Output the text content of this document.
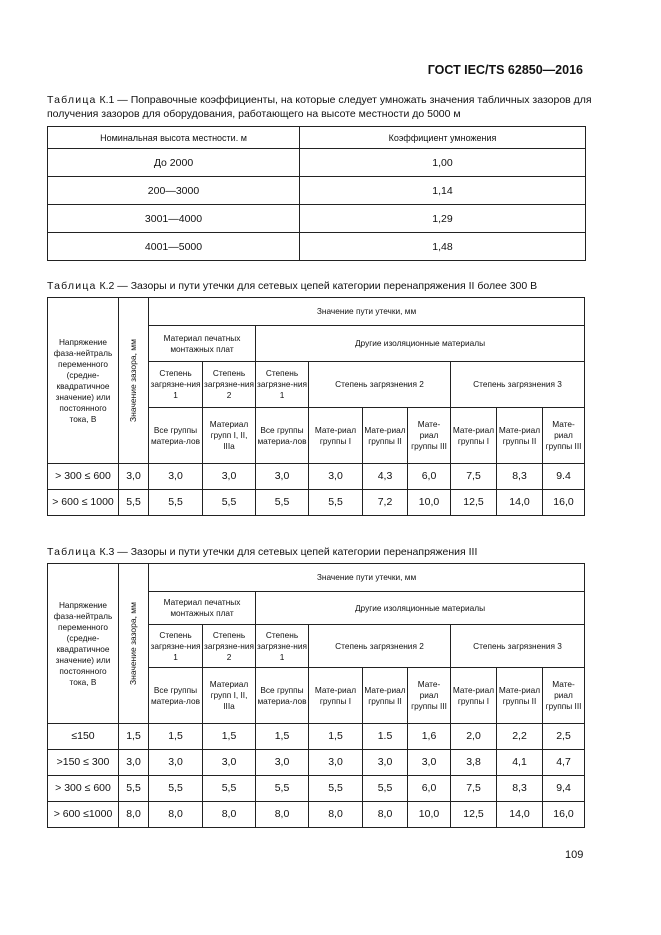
ГОСТ IEC/TS 62850—2016
Таблица К.1 — Поправочные коэффициенты, на которые следует умножать значения табличных зазоров для
получения зазоров для оборудования, работающего на высоте местности до 5000 м
Номинальная высота местности. м	Коэффициент умножения
До 2000	1,00
200—3000	1,14
3001—4000	1,29
4001—5000	1,48
Таблица К.2 — Зазоры и пути утечки для сетевых цепей категории перенапряжения II более 300 В
Напряжение фаза-нейтраль переменного (средне-квадратичное значение) или постоянного тока, В	Значение зазора, мм	Значение пути утечки, мм								
		Материал печатных монтажных плат		Другие изоляционные материалы						
		Степень загрязне-ния 1	Степень загрязне-ния 2	Степень загрязне-ния 1	Степень загрязнения 2			Степень загрязнения 3		
		Все группы материа-лов	Материал групп I, II, IIIa	Все группы материа-лов	Мате-риал группы I	Мате-риал группы II	Мате-риал группы III	Мате-риал группы I	Мате-риал группы II	Мате-риал группы III
> 300 ≤ 600	3,0	3,0	3,0	3,0	3,0	4,3	6,0	7,5	8,3	9.4
> 600 ≤ 1000	5,5	5,5	5,5	5,5	5,5	7,2	10,0	12,5	14,0	16,0
Таблица К.3 — Зазоры и пути утечки для сетевых цепей категории перенапряжения III
Напряжение фаза-нейтраль переменного (средне-квадратичное значение) или постоянного тока, В	Значение зазора, мм	Значение пути утечки, мм								
		Материал печатных монтажных плат		Другие изоляционные материалы						
		Степень загрязне-ния 1	Степень загрязне-ния 2	Степень загрязне-ния 1	Степень загрязнения 2			Степень загрязнения 3		
		Все группы материа-лов	Материал групп I, II, IIIa	Все группы материа-лов	Мате-риал группы I	Мате-риал группы II	Мате-риал группы III	Мате-риал группы I	Мате-риал группы II	Мате-риал группы III
≤150	1,5	1,5	1,5	1,5	1,5	1.5	1,6	2,0	2,2	2,5
>150 ≤ 300	3,0	3,0	3,0	3,0	3,0	3,0	3,0	3,8	4,1	4,7
> 300 ≤ 600	5,5	5,5	5,5	5,5	5,5	5,5	6,0	7,5	8,3	9,4
> 600 ≤1000	8,0	8,0	8,0	8,0	8,0	8,0	10,0	12,5	14,0	16,0
109
